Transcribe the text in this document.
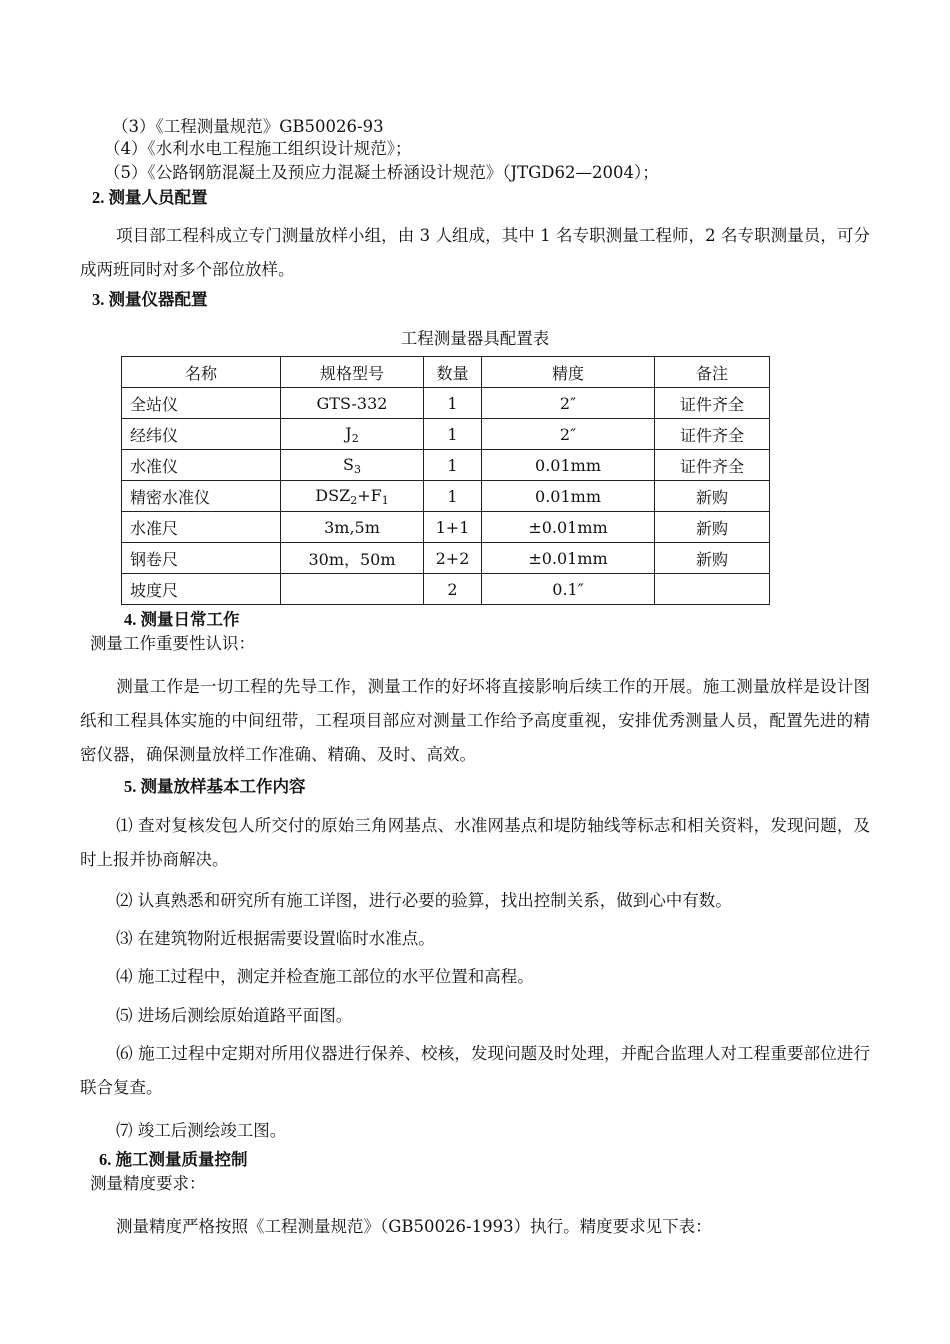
（3）《工程测量规范》GB50026-93
（4）《水利水电工程施工组织设计规范》；
（5）《公路钢筋混凝土及预应力混凝土桥涵设计规范》（JTGD62—2004）；
2. 测量人员配置
项目部工程科成立专门测量放样小组，由 3 人组成，其中 1 名专职测量工程师，2 名专职测量员，可分成两班同时对多个部位放样。
3. 测量仪器配置
工程测量器具配置表
名称	规格型号	数量	精度	备注
全站仪	GTS-332	1	2″	证件齐全
经纬仪	$J_2$	1	2″	证件齐全
水准仪	$S_3$	1	0.01mm	证件齐全
精密水准仪	$DSZ_2+F_1$	1	0.01mm	新购
水准尺	3m,5m	1+1	±0.01mm	新购
钢卷尺	30m，50m	2+2	±0.01mm	新购
坡度尺		2	0.1″	
4. 测量日常工作
测量工作重要性认识：
测量工作是一切工程的先导工作，测量工作的好坏将直接影响后续工作的开展。施工测量放样是设计图纸和工程具体实施的中间纽带，工程项目部应对测量工作给予高度重视，安排优秀测量人员，配置先进的精密仪器，确保测量放样工作准确、精确、及时、高效。
5. 测量放样基本工作内容
⑴ 查对复核发包人所交付的原始三角网基点、水准网基点和堤防轴线等标志和相关资料，发现问题，及时上报并协商解决。
⑵ 认真熟悉和研究所有施工详图，进行必要的验算，找出控制关系，做到心中有数。
⑶ 在建筑物附近根据需要设置临时水准点。
⑷ 施工过程中，测定并检查施工部位的水平位置和高程。
⑸ 进场后测绘原始道路平面图。
⑹ 施工过程中定期对所用仪器进行保养、校核，发现问题及时处理，并配合监理人对工程重要部位进行联合复查。
⑺ 竣工后测绘竣工图。
6. 施工测量质量控制
测量精度要求：
测量精度严格按照《工程测量规范》（GB50026-1993）执行。精度要求见下表：
